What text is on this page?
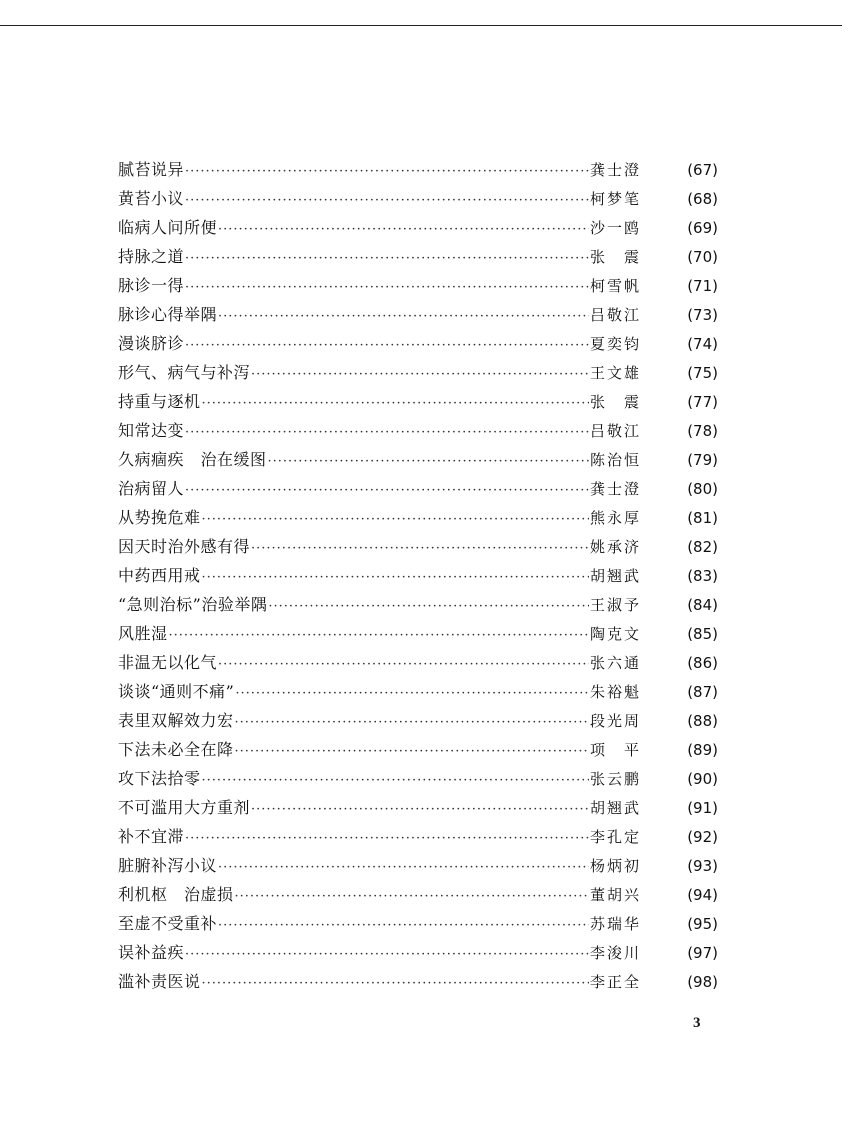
腻苔说异 ·····	龚士澄	(67)
黄苔小议 ·····	柯梦笔	(68)
临病人问所便 ·····	沙一鸥	(69)
持脉之道 ·····	张　震	(70)
脉诊一得 ·····	柯雪帆	(71)
脉诊心得举隅 ·····	吕敬江	(73)
漫谈脐诊 ·····	夏奕钧	(74)
形气、病气与补泻 ·····	王文雄	(75)
持重与逐机 ·····	张　震	(77)
知常达变 ·····	吕敬江	(78)
久病痼疾　治在缓图 ·····	陈治恒	(79)
治病留人 ·····	龚士澄	(80)
从势挽危难 ·····	熊永厚	(81)
因天时治外感有得 ·····	姚承济	(82)
中药西用戒 ·····	胡翘武	(83)
“急则治标”治验举隅 ·····	王淑予	(84)
风胜湿 ·····	陶克文	(85)
非温无以化气 ·····	张六通	(86)
谈谈“通则不痛” ·····	朱裕魁	(87)
表里双解效力宏 ·····	段光周	(88)
下法未必全在降 ·····	项　平	(89)
攻下法拾零 ·····	张云鹏	(90)
不可滥用大方重剂 ·····	胡翘武	(91)
补不宜滞 ·····	李孔定	(92)
脏腑补泻小议 ·····	杨炳初	(93)
利机枢　治虚损 ·····	董胡兴	(94)
至虚不受重补 ·····	苏瑞华	(95)
误补益疾 ·····	李浚川	(97)
滥补责医说 ·····	李正全	(98)
3
